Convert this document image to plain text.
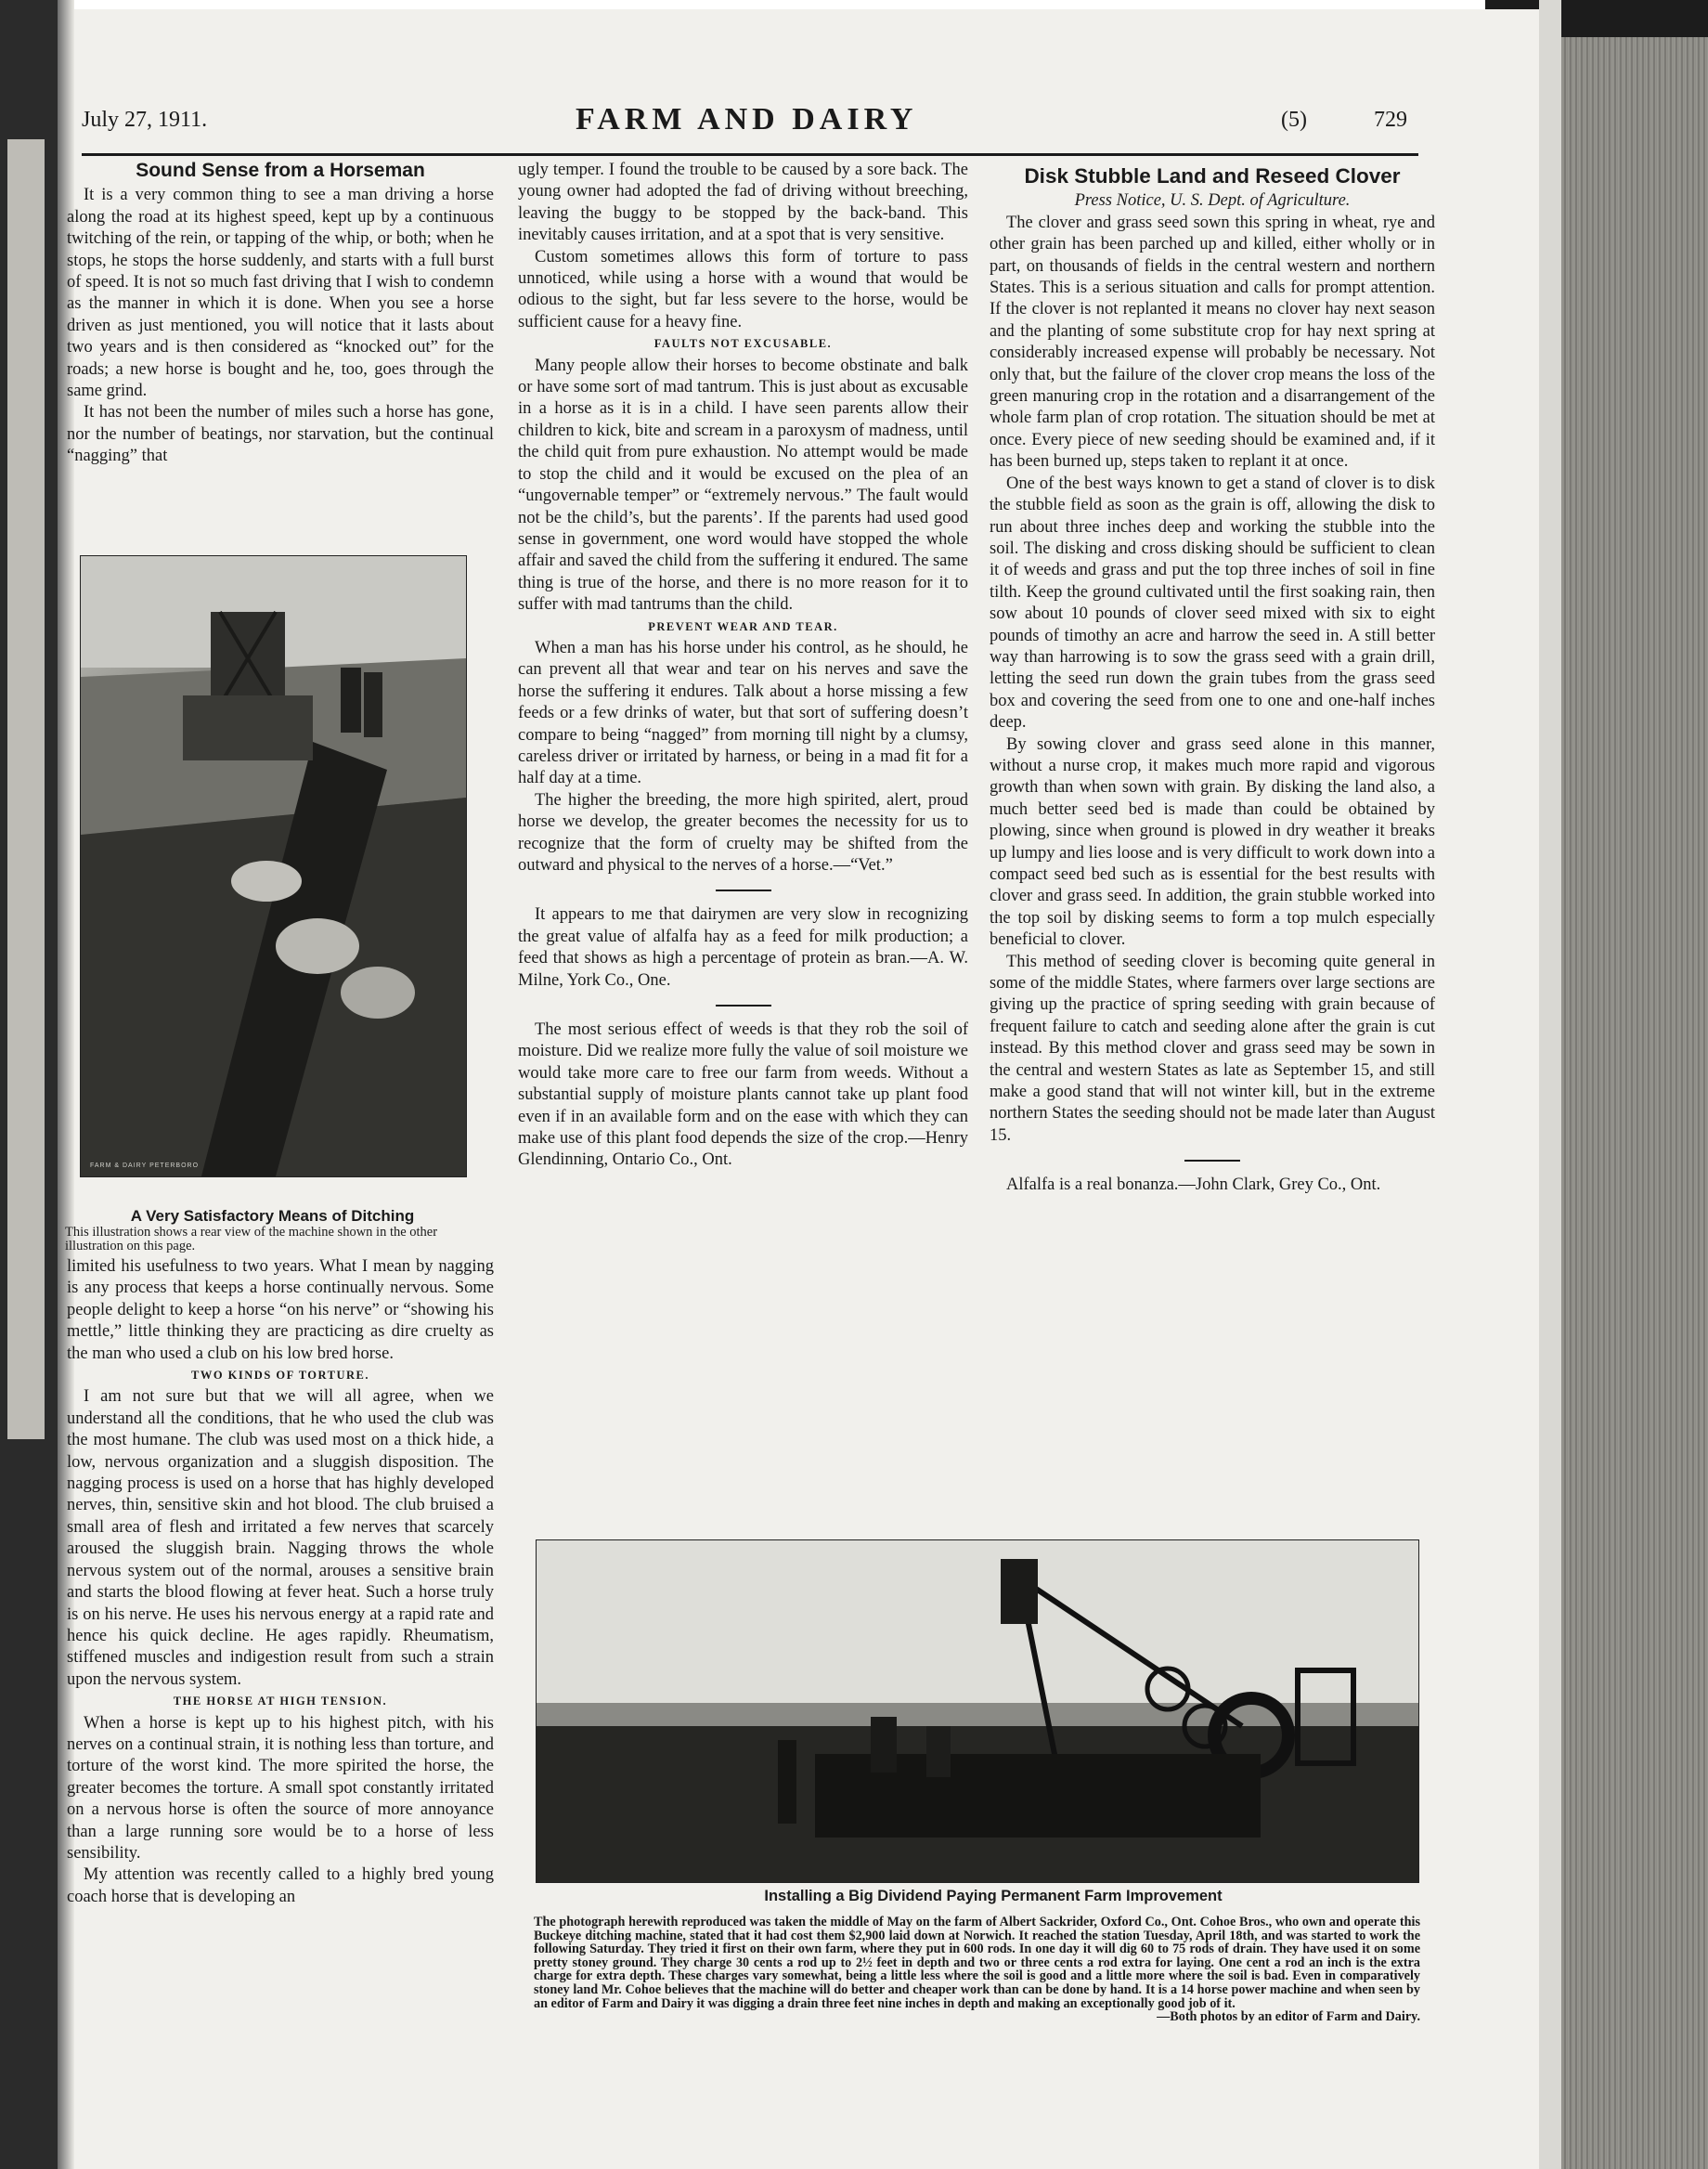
July 27, 1911.	FARM AND DAIRY	(5)	729
Sound Sense from a Horseman

It is a very common thing to see a man driving a horse along the road at its highest speed, kept up by a continuous twitching of the rein, or tapping of the whip, or both; when he stops, he stops the horse suddenly, and starts with a full burst of speed. It is not so much fast driving that I wish to condemn as the manner in which it is done. When you see a horse driven as just mentioned, you will notice that it lasts about two years and is then considered as “knocked out” for the roads; a new horse is bought and he, too, goes through the same grind.

It has not been the number of miles such a horse has gone, nor the number of beatings, nor starvation, but the continual “nagging” that

FARM & DAIRY PETERBORO
A Very Satisfactory Means of Ditching
This illustration shows a rear view of the machine shown in the other illustration on this page.

limited his usefulness to two years. What I mean by nagging is any process that keeps a horse continually nervous. Some people delight to keep a horse “on his nerve” or “showing his mettle,” little thinking they are practicing as dire cruelty as the man who used a club on his low bred horse.

TWO KINDS OF TORTURE.

I am not sure but that we will all agree, when we understand all the conditions, that he who used the club was the most humane. The club was used most on a thick hide, a low, nervous organization and a sluggish disposition. The nagging process is used on a horse that has highly developed nerves, thin, sensitive skin and hot blood. The club bruised a small area of flesh and irritated a few nerves that scarcely aroused the sluggish brain. Nagging throws the whole nervous system out of the normal, arouses a sensitive brain and starts the blood flowing at fever heat. Such a horse truly is on his nerve. He uses his nervous energy at a rapid rate and hence his quick decline. He ages rapidly. Rheumatism, stiffened muscles and indigestion result from such a strain upon the nervous system.

THE HORSE AT HIGH TENSION.

When a horse is kept up to his highest pitch, with his nerves on a continual strain, it is nothing less than torture, and torture of the worst kind. The more spirited the horse, the greater becomes the torture. A small spot constantly irritated on a nervous horse is often the source of more annoyance than a large running sore would be to a horse of less sensibility.

My attention was recently called to a highly bred young coach horse that is developing an

ugly temper. I found the trouble to be caused by a sore back. The young owner had adopted the fad of driving without breeching, leaving the buggy to be stopped by the back-band. This inevitably causes irritation, and at a spot that is very sensitive.

Custom sometimes allows this form of torture to pass unnoticed, while using a horse with a wound that would be odious to the sight, but far less severe to the horse, would be sufficient cause for a heavy fine.

FAULTS NOT EXCUSABLE.

Many people allow their horses to become obstinate and balk or have some sort of mad tantrum. This is just about as excusable in a horse as it is in a child. I have seen parents allow their children to kick, bite and scream in a paroxysm of madness, until the child quit from pure exhaustion. No attempt would be made to stop the child and it would be excused on the plea of an “ungovernable temper” or “extremely nervous.” The fault would not be the child’s, but the parents’. If the parents had used good sense in government, one word would have stopped the whole affair and saved the child from the suffering it endured. The same thing is true of the horse, and there is no more reason for it to suffer with mad tantrums than the child.

PREVENT WEAR AND TEAR.

When a man has his horse under his control, as he should, he can prevent all that wear and tear on his nerves and save the horse the suffering it endures. Talk about a horse missing a few feeds or a few drinks of water, but that sort of suffering doesn’t compare to being “nagged” from morning till night by a clumsy, careless driver or irritated by harness, or being in a mad fit for a half day at a time.

The higher the breeding, the more high spirited, alert, proud horse we develop, the greater becomes the necessity for us to recognize that the form of cruelty may be shifted from the outward and physical to the nerves of a horse.—“Vet.”

It appears to me that dairymen are very slow in recognizing the great value of alfalfa hay as a feed for milk production; a feed that shows as high a percentage of protein as bran.—A. W. Milne, York Co., One.

The most serious effect of weeds is that they rob the soil of moisture. Did we realize more fully the value of soil moisture we would take more care to free our farm from weeds. Without a substantial supply of moisture plants cannot take up plant food even if in an available form and on the ease with which they can make use of this plant food depends the size of the crop.—Henry Glendinning, Ontario Co., Ont.

Disk Stubble Land and Reseed Clover

Press Notice, U. S. Dept. of Agriculture.

The clover and grass seed sown this spring in wheat, rye and other grain has been parched up and killed, either wholly or in part, on thousands of fields in the central western and northern States. This is a serious situation and calls for prompt attention. If the clover is not replanted it means no clover hay next season and the planting of some substitute crop for hay next spring at considerably increased expense will probably be necessary. Not only that, but the failure of the clover crop means the loss of the green manuring crop in the rotation and a disarrangement of the whole farm plan of crop rotation. The situation should be met at once. Every piece of new seeding should be examined and, if it has been burned up, steps taken to replant it at once.

One of the best ways known to get a stand of clover is to disk the stubble field as soon as the grain is off, allowing the disk to run about three inches deep and working the stubble into the soil. The disking and cross disking should be sufficient to clean it of weeds and grass and put the top three inches of soil in fine tilth. Keep the ground cultivated until the first soaking rain, then sow about 10 pounds of clover seed mixed with six to eight pounds of timothy an acre and harrow the seed in. A still better way than harrowing is to sow the grass seed with a grain drill, letting the seed run down the grain tubes from the grass seed box and covering the seed from one to one and one-half inches deep.

By sowing clover and grass seed alone in this manner, without a nurse crop, it makes much more rapid and vigorous growth than when sown with grain. By disking the land also, a much better seed bed is made than could be obtained by plowing, since when ground is plowed in dry weather it breaks up lumpy and lies loose and is very difficult to work down into a compact seed bed such as is essential for the best results with clover and grass seed. In addition, the grain stubble worked into the top soil by disking seems to form a top mulch especially beneficial to clover.

This method of seeding clover is becoming quite general in some of the middle States, where farmers over large sections are giving up the practice of spring seeding with grain because of frequent failure to catch and seeding alone after the grain is cut instead. By this method clover and grass seed may be sown in the central and western States as late as September 15, and still make a good stand that will not winter kill, but in the extreme northern States the seeding should not be made later than August 15.

Alfalfa is a real bonanza.—John Clark, Grey Co., Ont.

Installing a Big Dividend Paying Permanent Farm Improvement
The photograph herewith reproduced was taken the middle of May on the farm of Albert Sackrider, Oxford Co., Ont. Cohoe Bros., who own and operate this Buckeye ditching machine, stated that it had cost them $2,900 laid down at Norwich. It reached the station Tuesday, April 18th, and was started to work the following Saturday. They tried it first on their own farm, where they put in 600 rods. In one day it will dig 60 to 75 rods of drain. They have used it on some pretty stoney ground. They charge 30 cents a rod up to 2½ feet in depth and two or three cents a rod extra for laying. One cent a rod an inch is the extra charge for extra depth. These charges vary somewhat, being a little less where the soil is good and a little more where the soil is bad. Even in comparatively stoney land Mr. Cohoe believes that the machine will do better and cheaper work than can be done by hand. It is a 14 horse power machine and when seen by an editor of Farm and Dairy it was digging a drain three feet nine inches in depth and making an exceptionally good job of it.
—Both photos by an editor of Farm and Dairy.
